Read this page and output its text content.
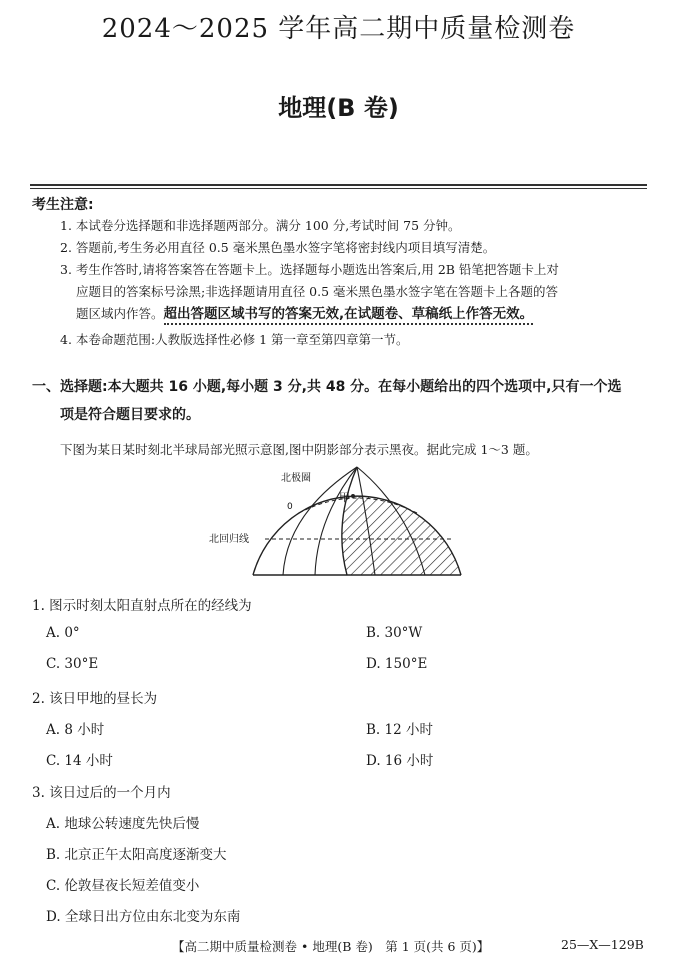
2024～2025 学年高二期中质量检测卷
地理(B 卷)
考生注意:
1. 本试卷分选择题和非选择题两部分。满分 100 分,考试时间 75 分钟。
2. 答题前,考生务必用直径 0.5 毫米黑色墨水签字笔将密封线内项目填写清楚。
3. 考生作答时,请将答案答在答题卡上。选择题每小题选出答案后,用 2B 铅笔把答题卡上对
应题目的答案标号涂黑;非选择题请用直径 0.5 毫米黑色墨水签字笔在答题卡上各题的答
题区域内作答。超出答题区域书写的答案无效,在试题卷、草稿纸上作答无效。
4. 本卷命题范围:人教版选择性必修 1 第一章至第四章第一节。
一、选择题:本大题共 16 小题,每小题 3 分,共 48 分。在每小题给出的四个选项中,只有一个选
项是符合题目要求的。
下图为某日某时刻北半球局部光照示意图,图中阴影部分表示黑夜。据此完成 1～3 题。
甲
北极圈
北回归线
0
1. 图示时刻太阳直射点所在的经线为
A. 0°	B. 30°W
C. 30°E	D. 150°E
2. 该日甲地的昼长为
A. 8 小时	B. 12 小时
C. 14 小时	D. 16 小时
3. 该日过后的一个月内
A. 地球公转速度先快后慢
B. 北京正午太阳高度逐渐变大
C. 伦敦昼夜长短差值变小
D. 全球日出方位由东北变为东南
【高二期中质量检测卷 • 地理(B 卷)　第 1 页(共 6 页)】	25—X—129B
